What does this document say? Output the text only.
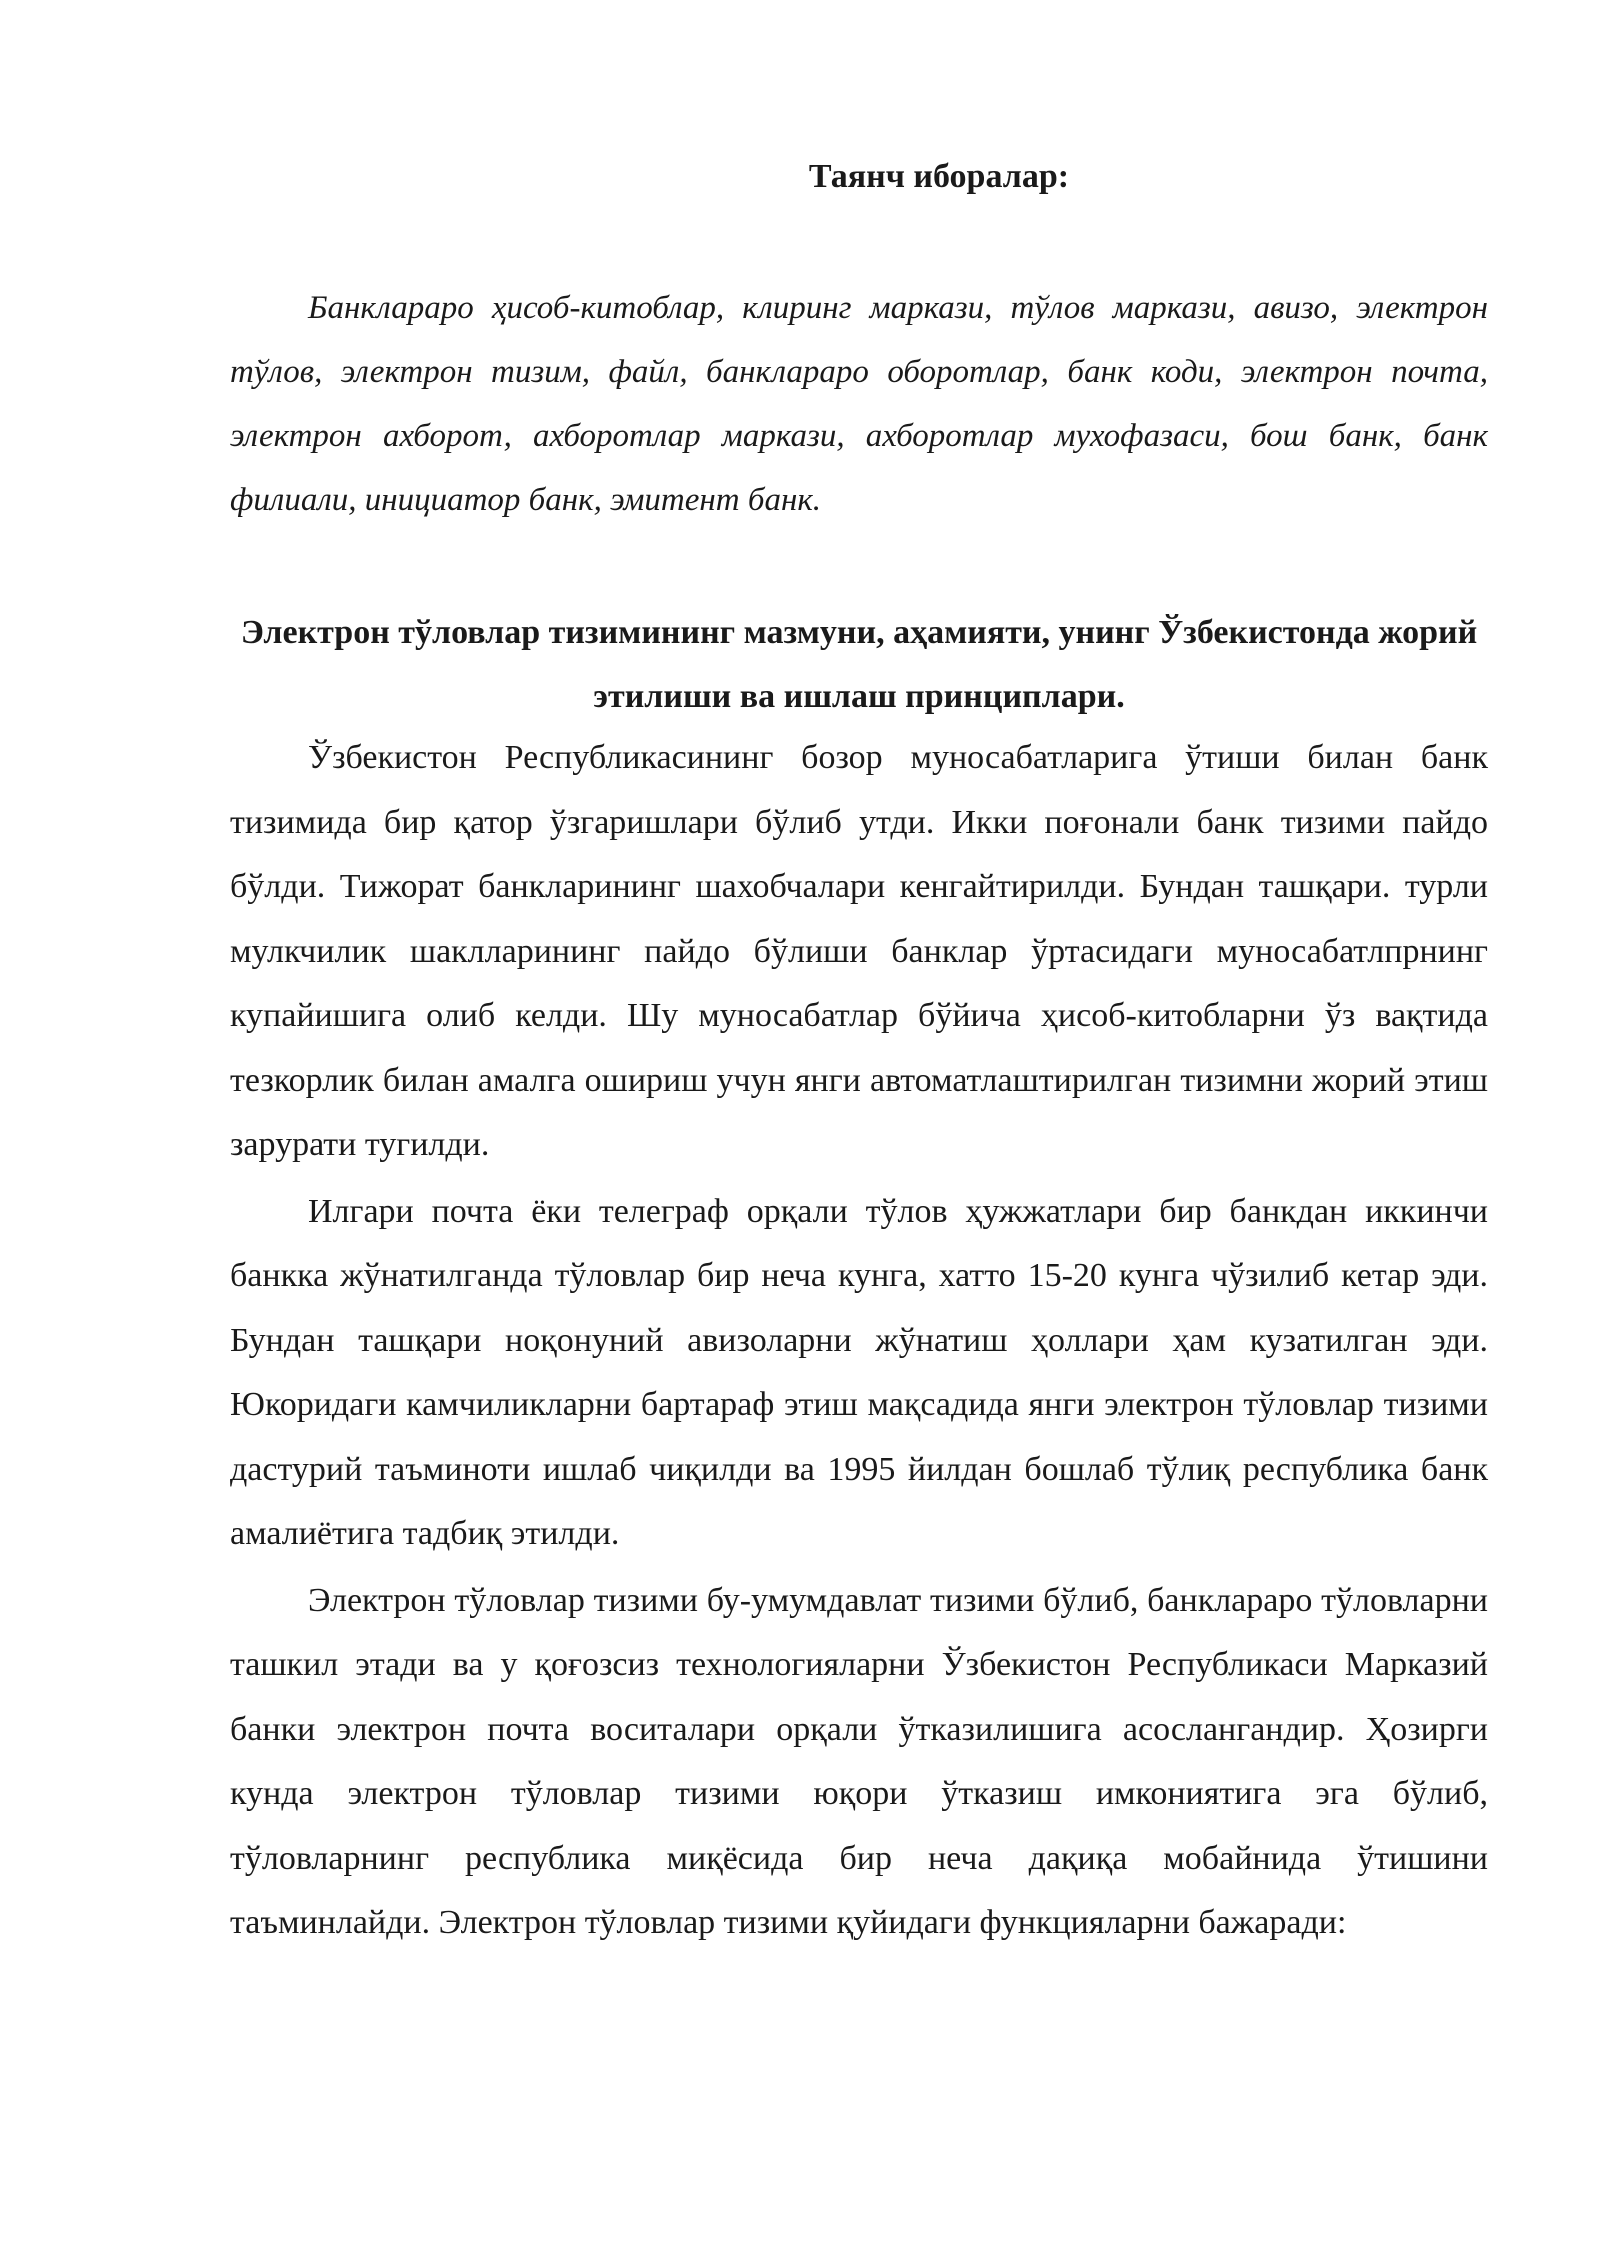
Таянч иборалар:

Банклараро ҳисоб-китоблар, клиринг маркази, тўлов маркази, авизо, электрон тўлов, электрон тизим, файл, банклараро оборотлар, банк коди, электрон почта, электрон ахборот, ахборотлар маркази, ахборотлар мухофазаси, бош банк, банк филиали, инициатор банк, эмитент банк.

Электрон тўловлар тизимининг мазмуни, аҳамияти, унинг Ўзбекистонда жорий этилиши ва ишлаш принциплари.

Ўзбекистон Республикасининг бозор муносабатларига ўтиши билан банк тизимида бир қатор ўзгаришлари бўлиб утди. Икки поғонали банк тизими пайдо бўлди. Тижорат банкларининг шахобчалари кенгайтирилди. Бундан ташқари. турли мулкчилик шаклларининг пайдо бўлиши банклар ўртасидаги муносабатлпрнинг купайишига олиб келди. Шу муносабатлар бўйича ҳисоб-китобларни ўз вақтида тезкорлик билан амалга ошириш учун янги автоматлаштирилган тизимни жорий этиш зарурати тугилди.

Илгари почта ёки телеграф орқали тўлов ҳужжатлари бир банкдан иккинчи банкка жўнатилганда тўловлар бир неча кунга, хатто 15-20 кунга чўзилиб кетар эди. Бундан ташқари ноқонуний авизоларни жўнатиш ҳоллари ҳам кузатилган эди. Юкоридаги камчиликларни бартараф этиш мақсадида янги электрон тўловлар тизими дастурий таъминоти ишлаб чиқилди ва 1995 йилдан бошлаб тўлиқ республика банк амалиётига тадбиқ этилди.

Электрон тўловлар тизими бу-умумдавлат тизими бўлиб, банклараро тўловларни ташкил этади ва у қоғозсиз технологияларни Ўзбекистон Республикаси Марказий банки электрон почта воситалари орқали ўтказилишига асослангандир. Ҳозирги кунда электрон тўловлар тизими юқори ўтказиш имкониятига эга бўлиб, тўловларнинг республика миқёсида бир неча дақиқа мобайнида ўтишини таъминлайди. Электрон тўловлар тизими қуйидаги функцияларни бажаради:
